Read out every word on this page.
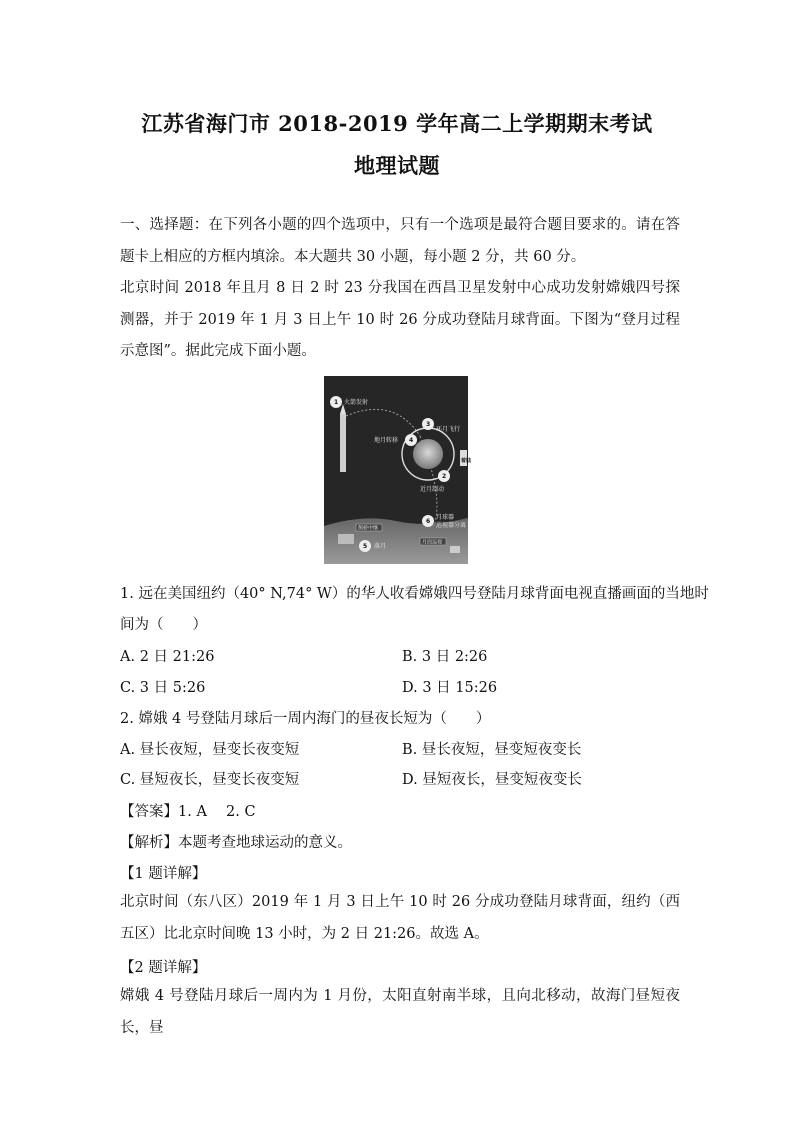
江苏省海门市 2018-2019 学年高二上学期期末考试
地理试题
一、选择题：在下列各小题的四个选项中，只有一个选项是最符合题目要求的。请在答题卡上相应的方框内填涂。本大题共 30 小题，每小题 2 分，共 60 分。
北京时间 2018 年且月 8 日 2 时 23 分我国在西昌卫星发射中心成功发射嫦娥四号探测器，并于 2019 年 1 月 3 日上午 10 时 26 分成功登陆月球背面。下图为“登月过程示意图”。据此完成下面小题。
1 火箭发射
2
近月制动
3
环月飞行
4
地月转移
5 落月
6
月球器
巡视器分离
着陆
鹊桥中继
月面巡视
1. 远在美国纽约（40° N,74° W）的华人收看嫦娥四号登陆月球背面电视直播画面的当地时
间为（　　）
A. 2 日 21:26	B. 3 日 2:26
C. 3 日 5:26	D. 3 日 15:26
2. 嫦娥 4 号登陆月球后一周内海门的昼夜长短为（　　）
A. 昼长夜短，昼变长夜变短	B. 昼长夜短，昼变短夜变长
C. 昼短夜长，昼变长夜变短	D. 昼短夜长，昼变短夜变长
【答案】1. A　 2. C
【解析】本题考查地球运动的意义。
【1 题详解】
北京时间（东八区）2019 年 1 月 3 日上午 10 时 26 分成功登陆月球背面，纽约（西五区）比北京时间晚 13 小时，为 2 日 21:26。故选 A。
【2 题详解】
嫦娥 4 号登陆月球后一周内为 1 月份，太阳直射南半球，且向北移动，故海门昼短夜长，昼
